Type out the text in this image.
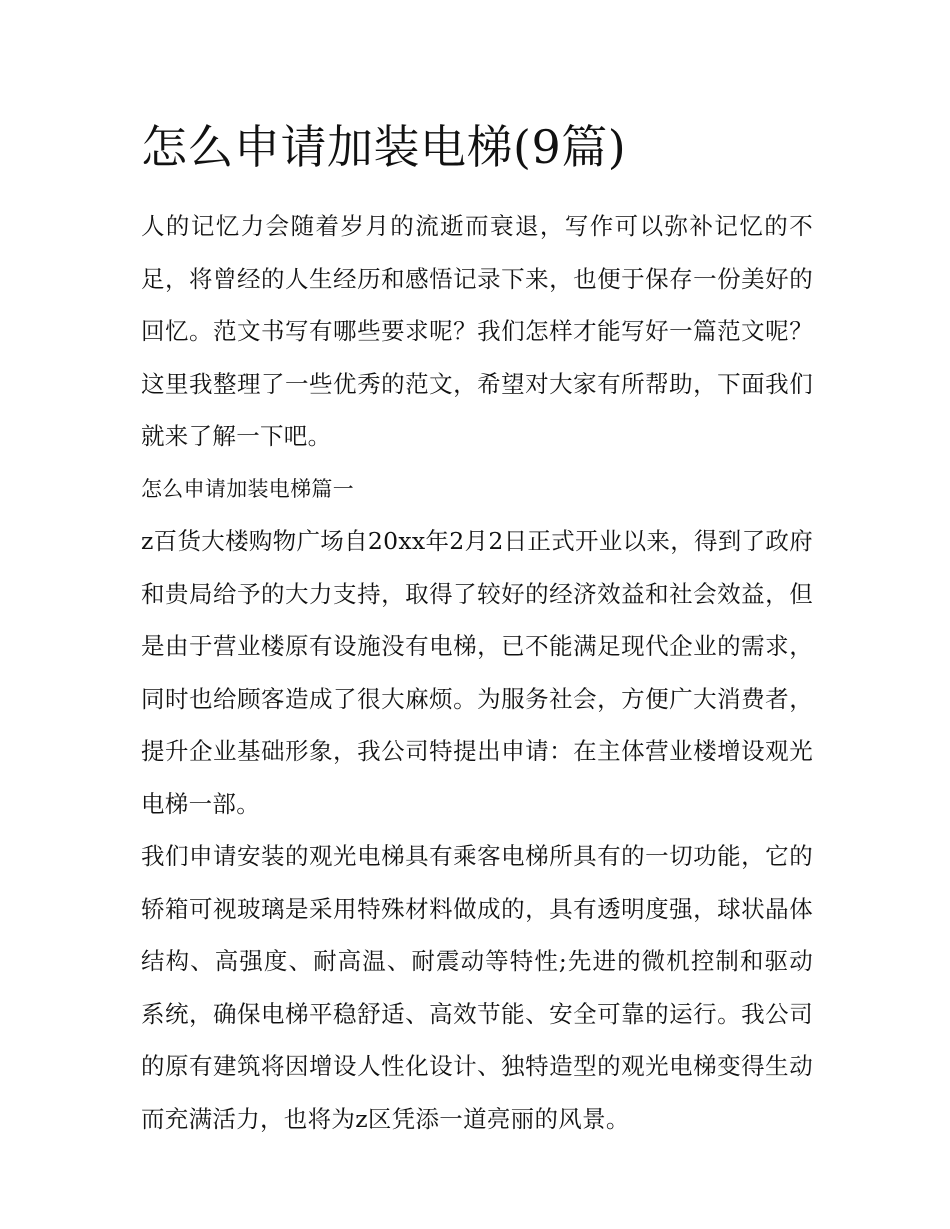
怎么申请加装电梯(9篇)

人的记忆力会随着岁月的流逝而衰退，写作可以弥补记忆的不足，将曾经的人生经历和感悟记录下来，也便于保存一份美好的回忆。范文书写有哪些要求呢？我们怎样才能写好一篇范文呢？这里我整理了一些优秀的范文，希望对大家有所帮助，下面我们就来了解一下吧。

怎么申请加装电梯篇一

z百货大楼购物广场自20xx年2月2日正式开业以来，得到了政府和贵局给予的大力支持，取得了较好的经济效益和社会效益，但是由于营业楼原有设施没有电梯，已不能满足现代企业的需求，同时也给顾客造成了很大麻烦。为服务社会，方便广大消费者，提升企业基础形象，我公司特提出申请：在主体营业楼增设观光电梯一部。

我们申请安装的观光电梯具有乘客电梯所具有的一切功能，它的轿箱可视玻璃是采用特殊材料做成的，具有透明度强，球状晶体结构、高强度、耐高温、耐震动等特性;先进的微机控制和驱动系统，确保电梯平稳舒适、高效节能、安全可靠的运行。我公司的原有建筑将因增设人性化设计、独特造型的观光电梯变得生动而充满活力，也将为z区凭添一道亮丽的风景。
